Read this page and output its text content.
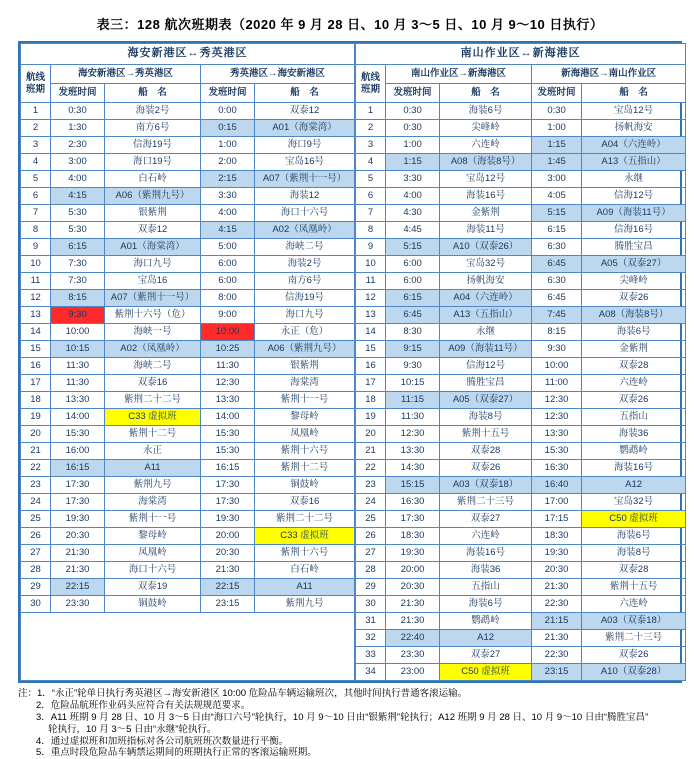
表三：128 航次班期表（2020 年 9 月 28 日、10 月 3～5 日、10 月 9～10 日执行）
海安新港区↔秀英港区				
航线
班期	海安新港区→秀英港区		秀英港区→海安新港区	
	发班时间	船　名	发班时间	船　名
1	0:30	海装2号	0:00	双泰12
2	1:30	南方6号	0:15	A01（海棠湾）
3	2:30	信海19号	1:00	海口9号
4	3:00	海口19号	2:00	宝岛16号
5	4:00	白石岭	2:15	A07（紫荆十一号）
6	4:15	A06（紫荆九号）	3:30	海装12
7	5:30	银紫荆	4:00	海口十六号
8	5:30	双泰12	4:15	A02（凤凰岭）
9	6:15	A01（海棠湾）	5:00	海峡二号
10	7:30	海口九号	6:00	海装2号
11	7:30	宝岛16	6:00	南方6号
12	8:15	A07（紫荆十一号）	8:00	信海19号
13	9:30	紫荆十六号（危）	9:00	海口九号
14	10:00	海峡一号	10:00	永正（危）
15	10:15	A02（凤凰岭）	10:25	A06（紫荆九号）
16	11:30	海峡二号	11:30	银紫荆
17	11:30	双泰16	12:30	海棠湾
18	13:30	紫荆二十二号	13:30	紫荆十一号
19	14:00	C33 虚拟班	14:00	黎母岭
20	15:30	紫荆十二号	15:30	凤凰岭
21	16:00	永正	15:30	紫荆十六号
22	16:15	A11	16:15	紫荆十二号
23	17:30	紫荆九号	17:30	铜鼓岭
24	17:30	海棠湾	17:30	双泰16
25	19:30	紫荆十一号	19:30	紫荆二十二号
26	20:30	黎母岭	20:00	C33 虚拟班
27	21:30	凤凰岭	20:30	紫荆十六号
28	21:30	海口十六号	21:30	白石岭
29	22:15	双泰19	22:15	A11
30	23:30	铜鼓岭	23:15	紫荆九号

南山作业区↔新海港区				
航线
班期	南山作业区→新海港区		新海港区→南山作业区	
	发班时间	船　名	发班时间	船　名
1	0:30	海装6号	0:30	宝岛12号
2	0:30	尖峰岭	1:00	扬帆海安
3	1:00	六连岭	1:15	A04（六连岭）
4	1:15	A08（海装8号）	1:45	A13（五指山）
5	3:30	宝岛12号	3:00	永继
6	4:00	海装16号	4:05	信海12号
7	4:30	金紫荆	5:15	A09（海装11号）
8	4:45	海装11号	6:15	信海16号
9	5:15	A10（双泰26）	6:30	腾胜宝昌
10	6:00	宝岛32号	6:45	A05（双泰27）
11	6:00	扬帆海安	6:30	尖峰岭
12	6:15	A04（六连岭）	6:45	双泰26
13	6:45	A13（五指山）	7:45	A08（海装8号）
14	8:30	永继	8:15	海装6号
15	9:15	A09（海装11号）	9:30	金紫荆
16	9:30	信海12号	10:00	双泰28
17	10:15	腾胜宝昌	11:00	六连岭
18	11:15	A05（双泰27）	12:30	双泰26
19	11:30	海装8号	12:30	五指山
20	12:30	紫荆十五号	13:30	海装36
21	13:30	双泰28	15:30	鹦鹉岭
22	14:30	双泰26	16:30	海装16号
23	15:15	A03（双泰18）	16:40	A12
24	16:30	紫荆二十三号	17:00	宝岛32号
25	17:30	双泰27	17:15	C50 虚拟班
26	18:30	六连岭	18:30	海装6号
27	19:30	海装16号	19:30	海装8号
28	20:00	海装36	20:30	双泰28
29	20:30	五指山	21:30	紫荆十五号
30	21:30	海装6号	22:30	六连岭
31	21:30	鹦鹉岭	21:15	A03（双泰18）
32	22:40	A12	21:30	紫荆二十三号
33	23:30	双泰27	22:30	双泰26
34	23:00	C50 虚拟班	23:15	A10（双泰28）
注：1．“永正”轮单日执行秀英港区→海安新港区 10:00 危险品车辆运输班次，其他时间执行普通客滚运输。
2．危险品航班作业码头应符合有关法规规范要求。
3．A11 班期 9 月 28 日、10 月 3～5 日由“海口六号”轮执行，10 月 9～10 日由“银紫荆”轮执行；A12 班期 9 月 28 日、10 月 9～10 日由“腾胜宝昌”
轮执行，10 月 3～5 日由“永继”轮执行。
4．通过虚拟班和加班指标对各公司航班班次数量进行平衡。
5．重点时段危险品车辆禁运期间的班期执行正常的客滚运输班期。
